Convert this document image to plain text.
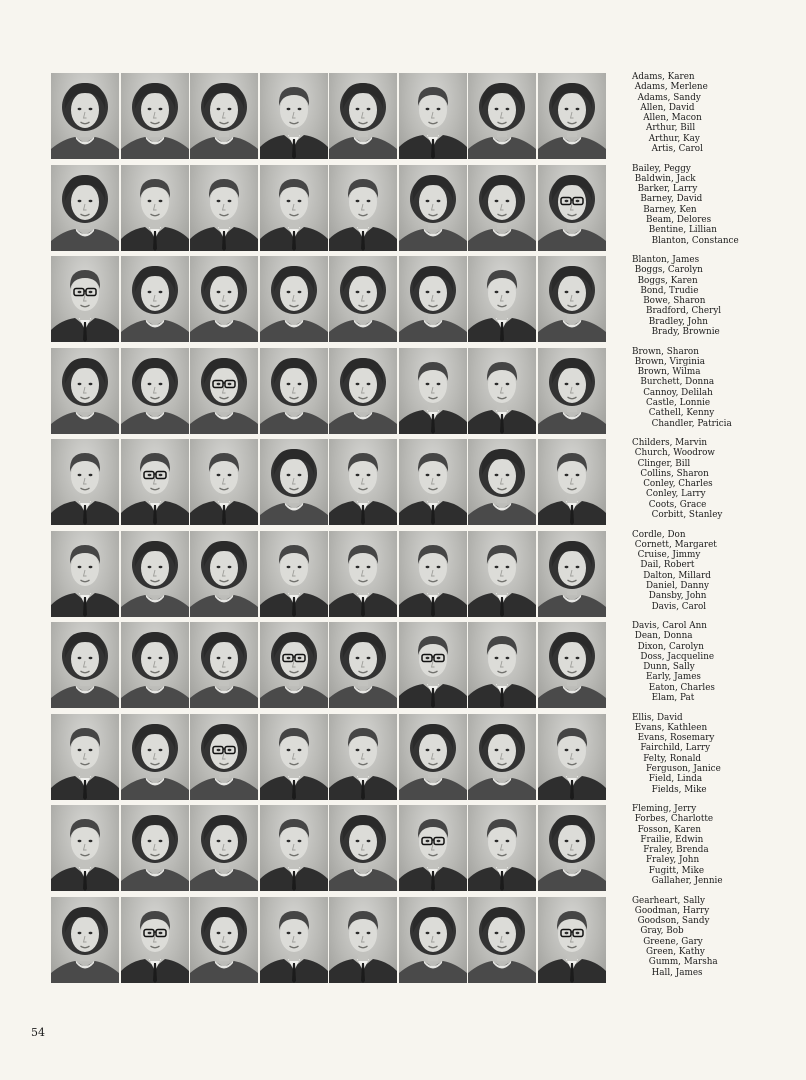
Adams, Karen
Adams, Merlene
Adams, Sandy
Allen, David
Allen, Macon
Arthur, Bill
Arthur, Kay
Artis, Carol
Bailey, Peggy
Baldwin, Jack
Barker, Larry
Barney, David
Barney, Ken
Beam, Delores
Bentine, Lillian
Blanton, Constance
Blanton, James
Boggs, Carolyn
Boggs, Karen
Bond, Trudie
Bowe, Sharon
Bradford, Cheryl
Bradley, John
Brady, Brownie
Brown, Sharon
Brown, Virginia
Brown, Wilma
Burchett, Donna
Cannoy, Delilah
Castle, Lonnie
Cathell, Kenny
Chandler, Patricia
Childers, Marvin
Church, Woodrow
Clinger, Bill
Collins, Sharon
Conley, Charles
Conley, Larry
Coots, Grace
Corbitt, Stanley
Cordle, Don
Cornett, Margaret
Cruise, Jimmy
Dail, Robert
Dalton, Millard
Daniel, Danny
Dansby, John
Davis, Carol
Davis, Carol Ann
Dean, Donna
Dixon, Carolyn
Doss, Jacqueline
Dunn, Sally
Early, James
Eaton, Charles
Elam, Pat
Ellis, David
Evans, Kathleen
Evans, Rosemary
Fairchild, Larry
Felty, Ronald
Ferguson, Janice
Field, Linda
Fields, Mike
Fleming, Jerry
Forbes, Charlotte
Fosson, Karen
Frailie, Edwin
Fraley, Brenda
Fraley, John
Fugitt, Mike
Gallaher, Jennie
Gearheart, Sally
Goodman, Harry
Goodson, Sandy
Gray, Bob
Greene, Gary
Green, Kathy
Gumm, Marsha
Hall, James
54
